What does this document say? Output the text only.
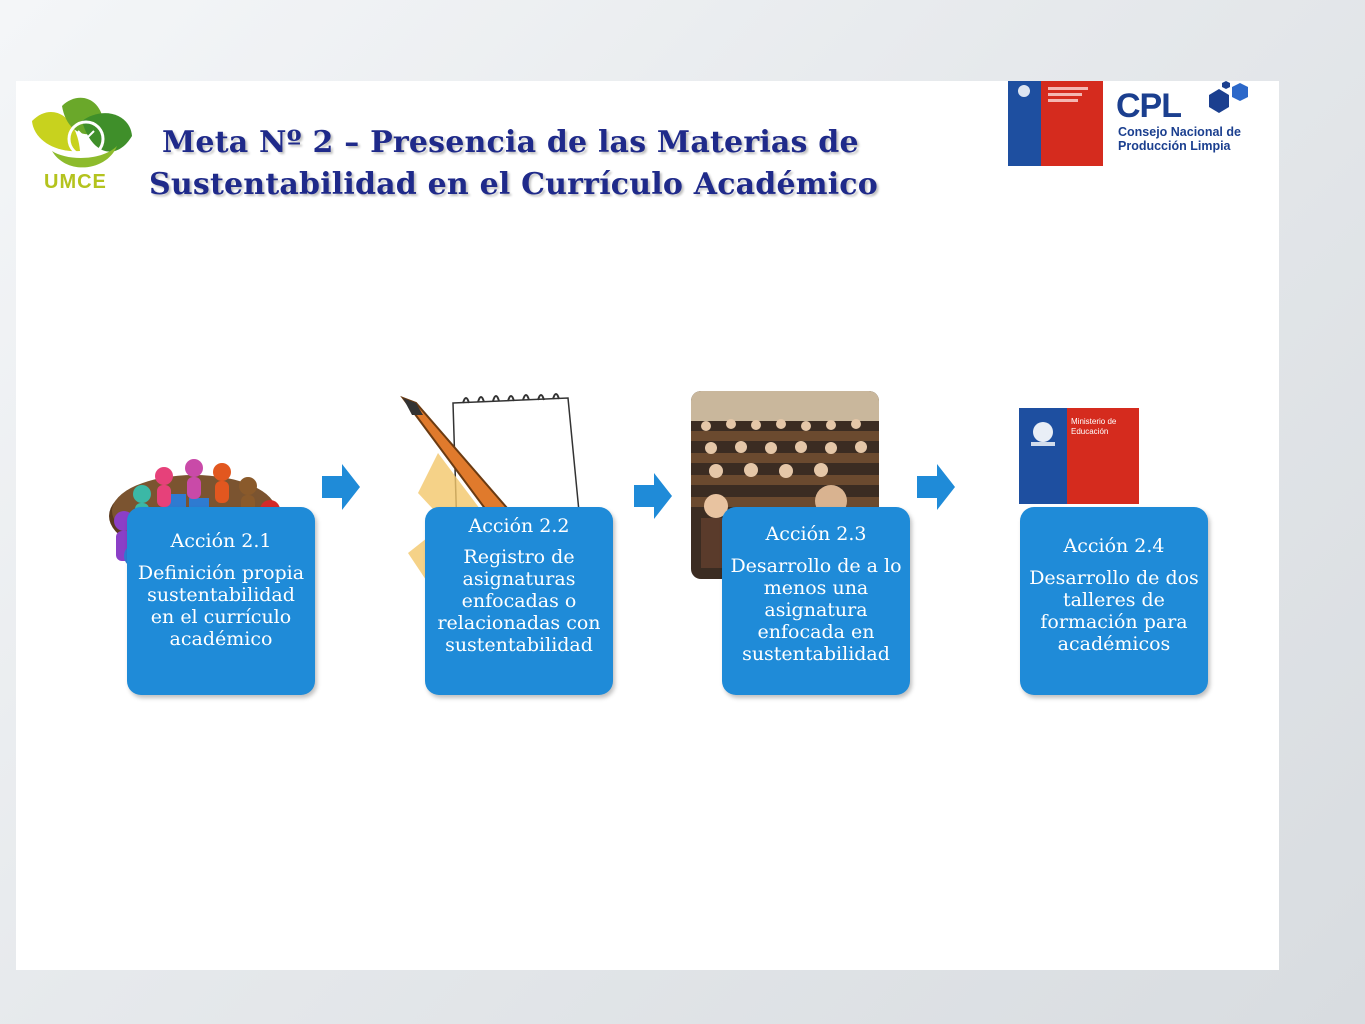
UMCE
Meta Nº 2 – Presencia de las Materias de
Sustentabilidad en el Currículo Académico
CPL
Consejo Nacional de Producción Limpia
Ministerio de
Educación
Acción 2.1
Definición propia sustentabilidad en el currículo académico
Acción 2.2
Registro de asignaturas enfocadas o relacionadas con sustentabilidad
Acción 2.3
Desarrollo de a lo menos una asignatura enfocada en sustentabilidad
Acción 2.4
Desarrollo de dos talleres de formación para académicos
